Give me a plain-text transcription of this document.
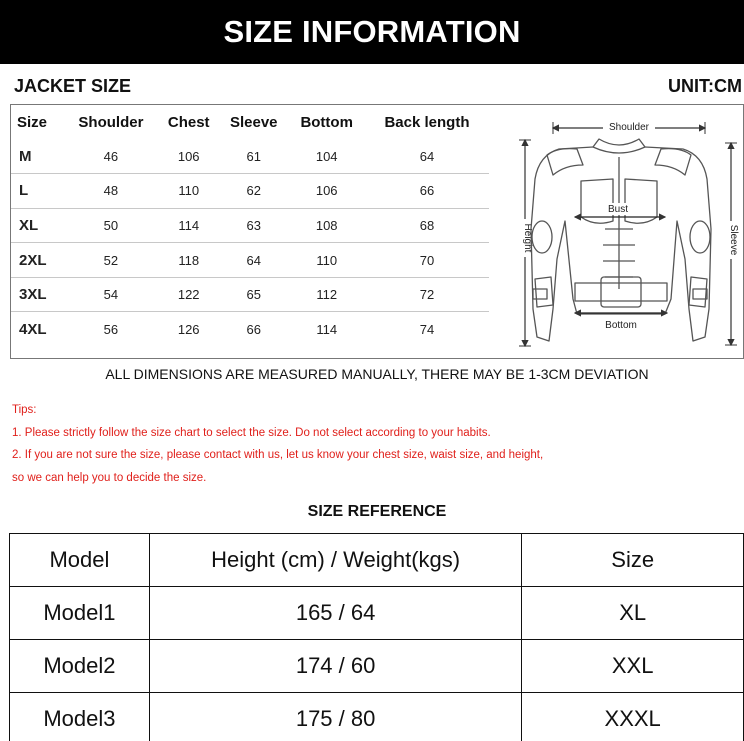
SIZE INFORMATION
JACKET SIZE	UNIT:CM
Size	Shoulder	Chest	Sleeve	Bottom	Back length
M	46	106	61	104	64
L	48	110	62	106	66
XL	50	114	63	108	68
2XL	52	118	64	110	70
3XL	54	122	65	112	72
4XL	56	126	66	114	74
Shoulder
Height	Sleeve
Bust
Bottom
ALL DIMENSIONS ARE MEASURED MANUALLY, THERE MAY BE 1-3CM DEVIATION
Tips:
1. Please strictly follow the size chart to select the size. Do not select according to your habits.
2. If you are not sure the size, please contact with us, let us know your chest size, waist size, and height,
so we can help you to decide the size.
SIZE REFERENCE
Model	Height (cm) / Weight(kgs)	Size
Model1	165 / 64	XL
Model2	174 / 60	XXL
Model3	175 / 80	XXXL
